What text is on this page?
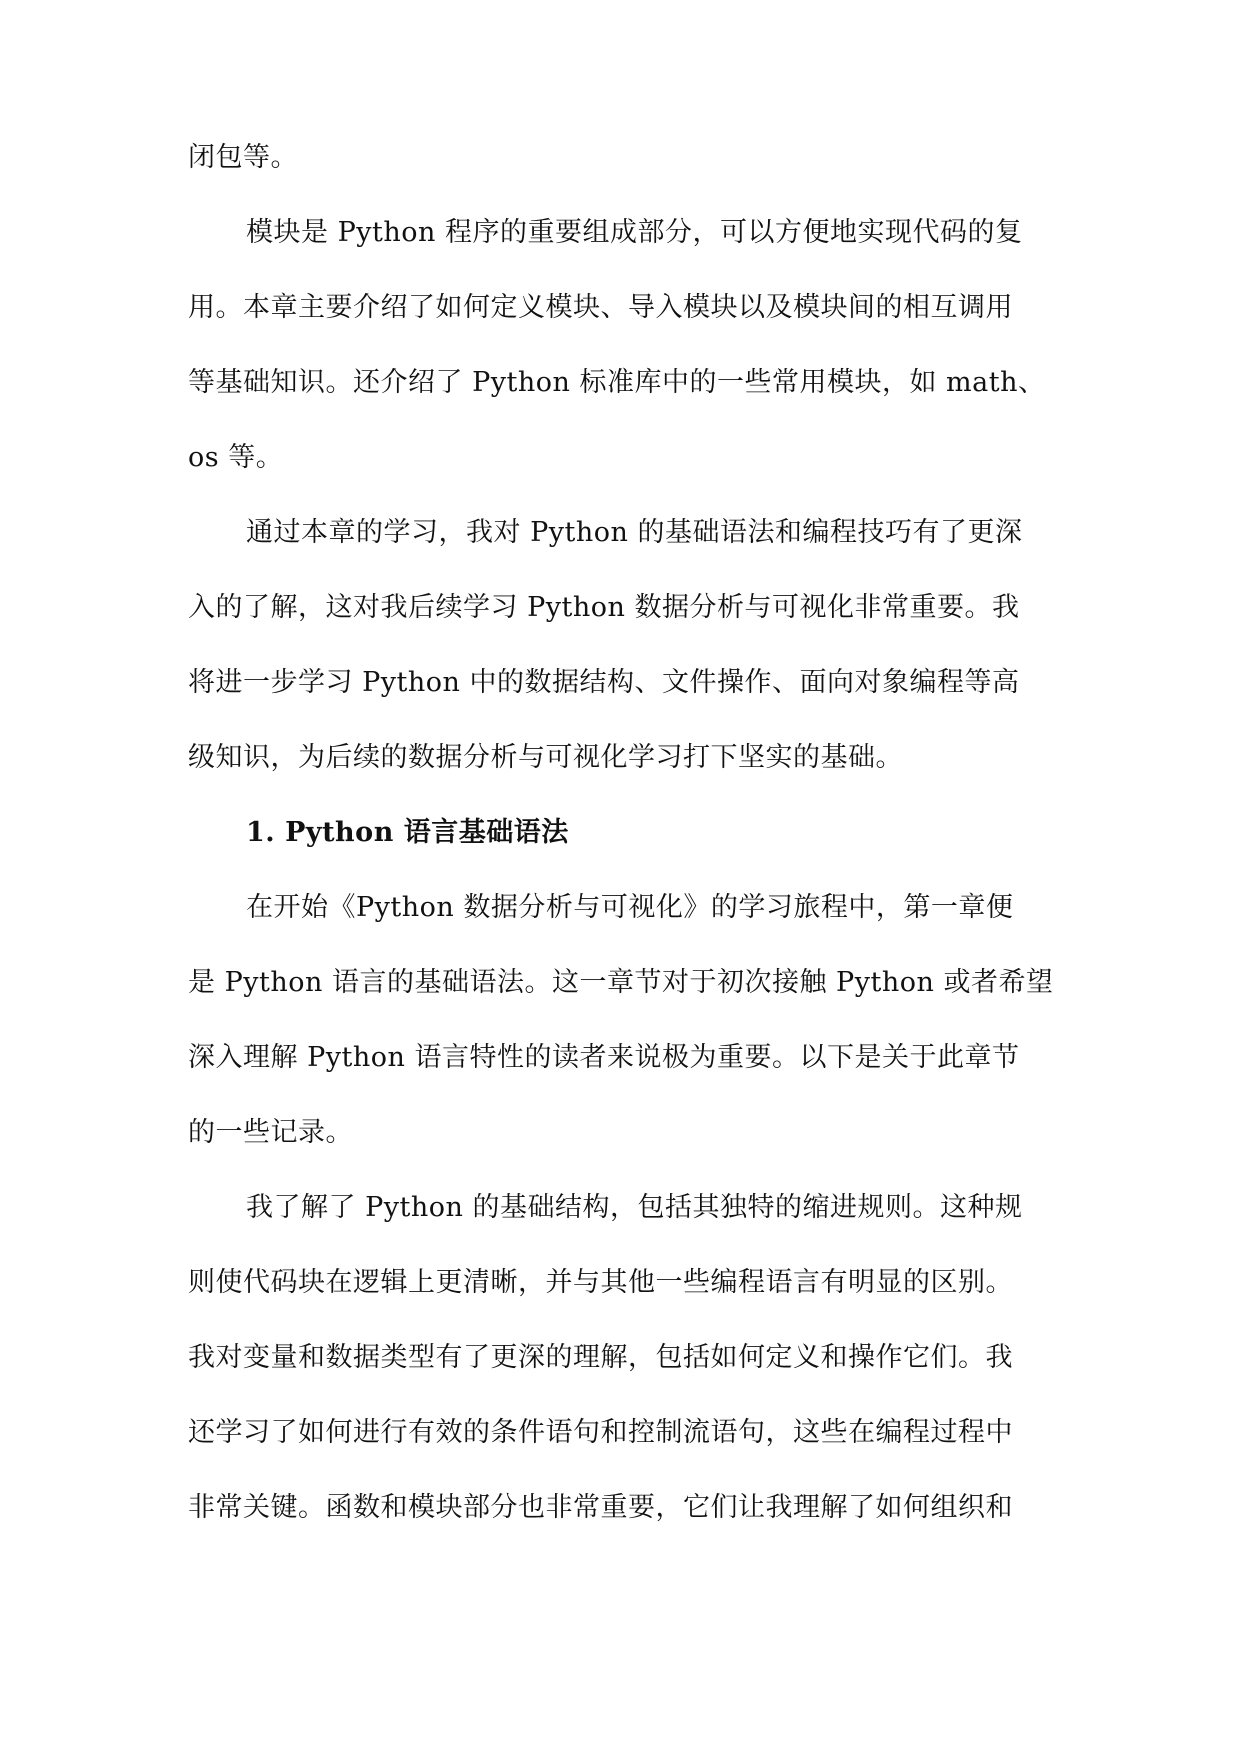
闭包等。
模块是 Python 程序的重要组成部分，可以方便地实现代码的复
用。本章主要介绍了如何定义模块、导入模块以及模块间的相互调用
等基础知识。还介绍了 Python 标准库中的一些常用模块，如 math、
os 等。
通过本章的学习，我对 Python 的基础语法和编程技巧有了更深
入的了解，这对我后续学习 Python 数据分析与可视化非常重要。我
将进一步学习 Python 中的数据结构、文件操作、面向对象编程等高
级知识，为后续的数据分析与可视化学习打下坚实的基础。
1. Python 语言基础语法
在开始《Python 数据分析与可视化》的学习旅程中，第一章便
是 Python 语言的基础语法。这一章节对于初次接触 Python 或者希望
深入理解 Python 语言特性的读者来说极为重要。以下是关于此章节
的一些记录。
我了解了 Python 的基础结构，包括其独特的缩进规则。这种规
则使代码块在逻辑上更清晰，并与其他一些编程语言有明显的区别。
我对变量和数据类型有了更深的理解，包括如何定义和操作它们。我
还学习了如何进行有效的条件语句和控制流语句，这些在编程过程中
非常关键。函数和模块部分也非常重要，它们让我理解了如何组织和
